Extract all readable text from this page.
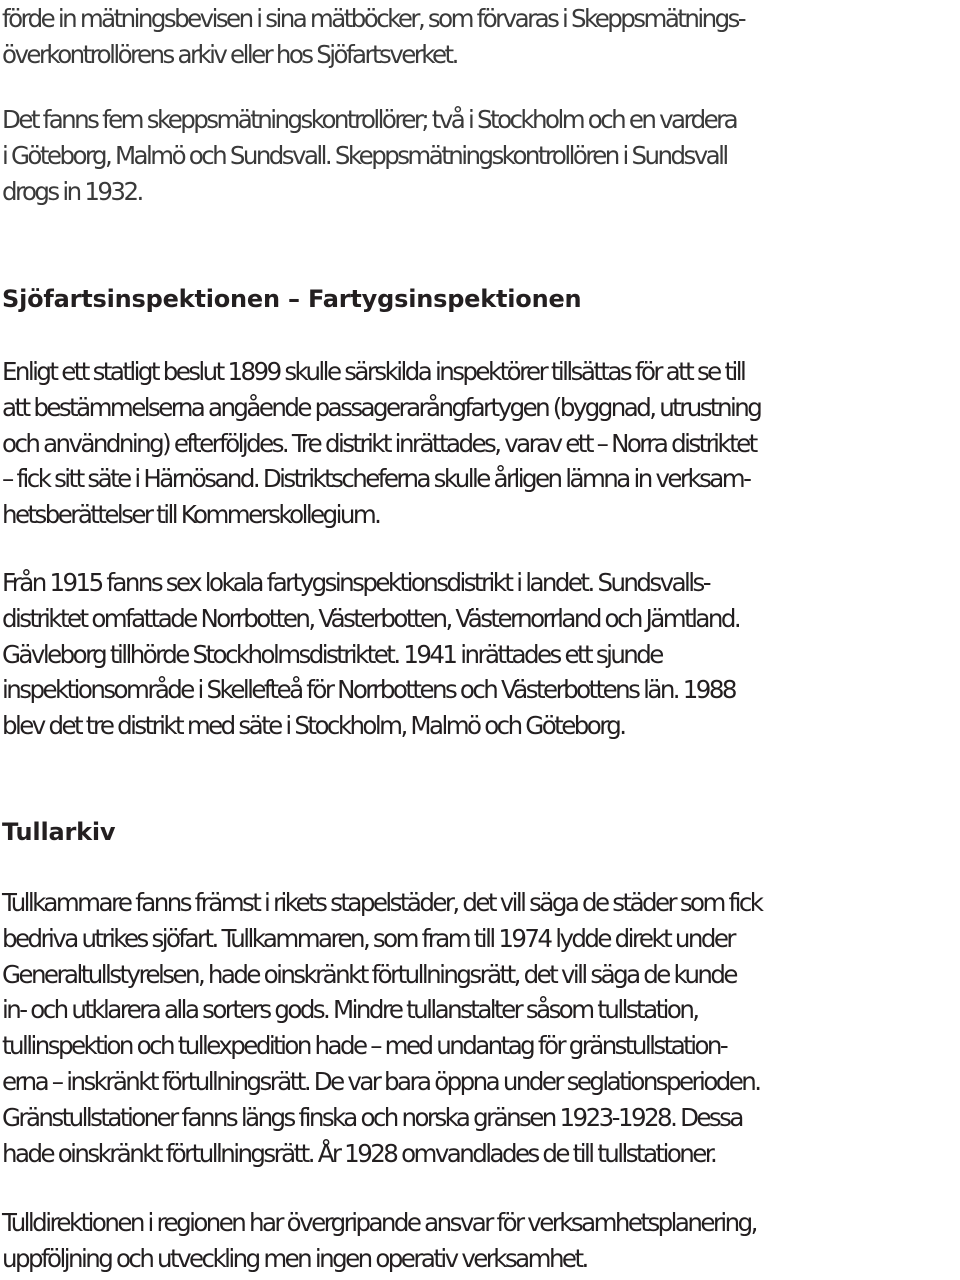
förde in mätningsbevisen i sina mätböcker, som förvaras i Skeppsmätnings-
överkontrollörens arkiv eller hos Sjöfartsverket.

Det fanns fem skeppsmätningskontrollörer; två i Stockholm och en vardera
i Göteborg, Malmö och Sundsvall. Skeppsmätningskontrollören i Sundsvall
drogs in 1932.

Sjöfartsinspektionen – Fartygsinspektionen

Enligt ett statligt beslut 1899 skulle särskilda inspektörer tillsättas för att se till
att bestämmelserna angående passagerarångfartygen (byggnad, utrustning
och användning) efterföljdes. Tre distrikt inrättades, varav ett – Norra distriktet
– fick sitt säte i Härnösand. Distriktscheferna skulle årligen lämna in verksam-
hetsberättelser till Kommerskollegium.

Från 1915 fanns sex lokala fartygsinspektionsdistrikt i landet. Sundsvalls-
distriktet omfattade Norrbotten, Västerbotten, Västernorrland och Jämtland.
Gävleborg tillhörde Stockholmsdistriktet. 1941 inrättades ett sjunde
inspektionsområde i Skellefteå för Norrbottens och Västerbottens län. 1988
blev det tre distrikt med säte i Stockholm, Malmö och Göteborg.

Tullarkiv

Tullkammare fanns främst i rikets stapelstäder, det vill säga de städer som fick
bedriva utrikes sjöfart. Tullkammaren, som fram till 1974 lydde direkt under
Generaltullstyrelsen, hade oinskränkt förtullningsrätt, det vill säga de kunde
in- och utklarera alla sorters gods. Mindre tullanstalter såsom tullstation,
tullinspektion och tullexpedition hade – med undantag för gränstullstation-
erna – inskränkt förtullningsrätt. De var bara öppna under seglationsperioden.
Gränstullstationer fanns längs finska och norska gränsen 1923-1928. Dessa
hade oinskränkt förtullningsrätt. År 1928 omvandlades de till tullstationer.

Tulldirektionen i regionen har övergripande ansvar för verksamhetsplanering,
uppföljning och utveckling men ingen operativ verksamhet.
